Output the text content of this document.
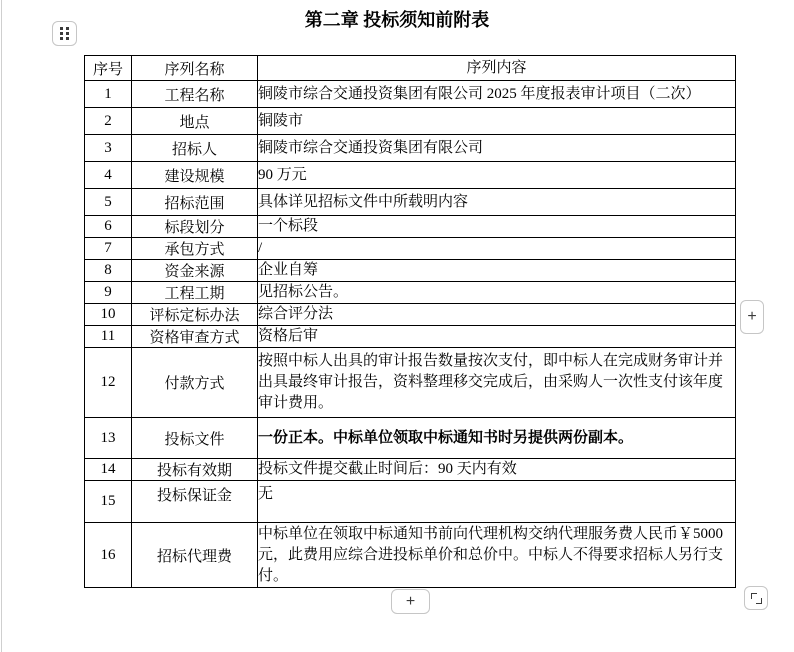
第二章 投标须知前附表
序号	序列名称	序列内容
1	工程名称	铜陵市综合交通投资集团有限公司 2025 年度报表审计项目（二次）
2	地点	铜陵市
3	招标人	铜陵市综合交通投资集团有限公司
4	建设规模	90 万元
5	招标范围	具体详见招标文件中所载明内容
6	标段划分	一个标段
7	承包方式	/
8	资金来源	企业自筹
9	工程工期	见招标公告。
10	评标定标办法	综合评分法
11	资格审查方式	资格后审
12	付款方式	按照中标人出具的审计报告数量按次支付，即中标人在完成财务审计并出具最终审计报告，资料整理移交完成后，由采购人一次性支付该年度审计费用。
13	投标文件	一份正本。中标单位领取中标通知书时另提供两份副本。
14	投标有效期	投标文件提交截止时间后：90 天内有效
15	投标保证金	无
16	招标代理费	中标单位在领取中标通知书前向代理机构交纳代理服务费人民币￥5000 元，此费用应综合进投标单价和总价中。中标人不得要求招标人另行支付。
+
+
